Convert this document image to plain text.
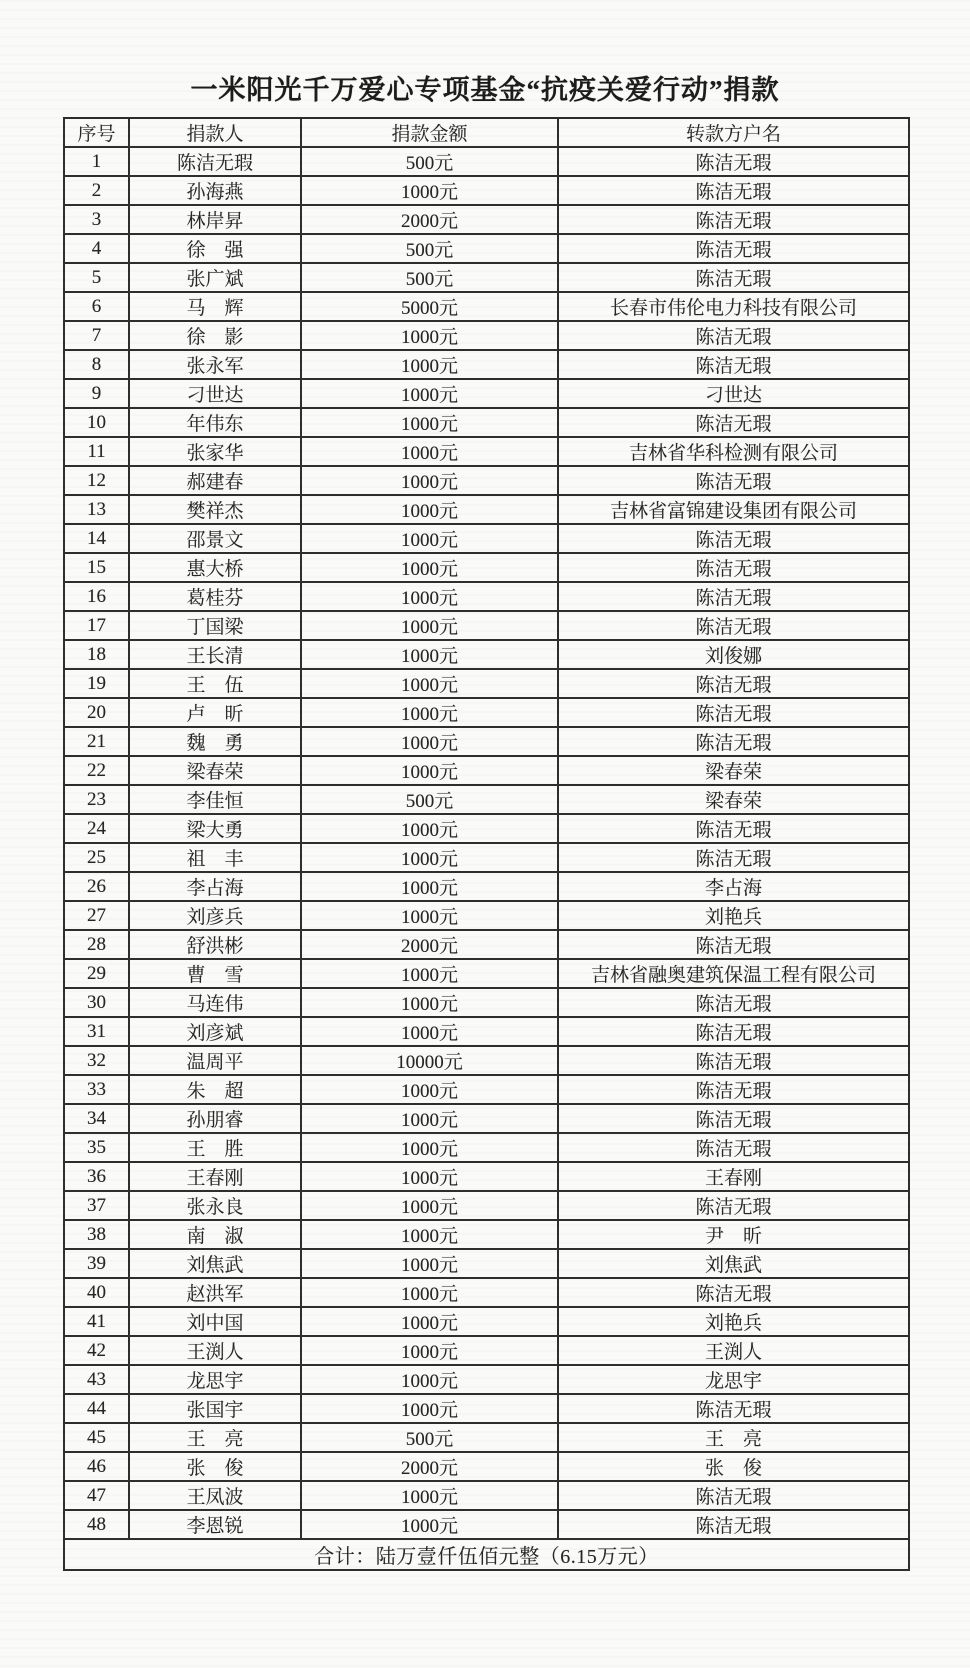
一米阳光千万爱心专项基金“抗疫关爱行动”捐款
序号	捐款人	捐款金额	转款方户名
1	陈洁无瑕	500元	陈洁无瑕
2	孙海燕	1000元	陈洁无瑕
3	林岸昇	2000元	陈洁无瑕
4	徐　强	500元	陈洁无瑕
5	张广斌	500元	陈洁无瑕
6	马　辉	5000元	长春市伟伦电力科技有限公司
7	徐　影	1000元	陈洁无瑕
8	张永军	1000元	陈洁无瑕
9	刁世达	1000元	刁世达
10	年伟东	1000元	陈洁无瑕
11	张家华	1000元	吉林省华科检测有限公司
12	郝建春	1000元	陈洁无瑕
13	樊祥杰	1000元	吉林省富锦建设集团有限公司
14	邵景文	1000元	陈洁无瑕
15	惠大桥	1000元	陈洁无瑕
16	葛桂芬	1000元	陈洁无瑕
17	丁国梁	1000元	陈洁无瑕
18	王长清	1000元	刘俊娜
19	王　伍	1000元	陈洁无瑕
20	卢　昕	1000元	陈洁无瑕
21	魏　勇	1000元	陈洁无瑕
22	梁春荣	1000元	梁春荣
23	李佳恒	500元	梁春荣
24	梁大勇	1000元	陈洁无瑕
25	祖　丰	1000元	陈洁无瑕
26	李占海	1000元	李占海
27	刘彦兵	1000元	刘艳兵
28	舒洪彬	2000元	陈洁无瑕
29	曹　雪	1000元	吉林省融奥建筑保温工程有限公司
30	马连伟	1000元	陈洁无瑕
31	刘彦斌	1000元	陈洁无瑕
32	温周平	10000元	陈洁无瑕
33	朱　超	1000元	陈洁无瑕
34	孙朋睿	1000元	陈洁无瑕
35	王　胜	1000元	陈洁无瑕
36	王春刚	1000元	王春刚
37	张永良	1000元	陈洁无瑕
38	南　淑	1000元	尹　昕
39	刘焦武	1000元	刘焦武
40	赵洪军	1000元	陈洁无瑕
41	刘中国	1000元	刘艳兵
42	王渕人	1000元	王渕人
43	龙思宇	1000元	龙思宇
44	张国宇	1000元	陈洁无瑕
45	王　亮	500元	王　亮
46	张　俊	2000元	张　俊
47	王凤波	1000元	陈洁无瑕
48	李恩锐	1000元	陈洁无瑕
合计：陆万壹仟伍佰元整（6.15万元）			
